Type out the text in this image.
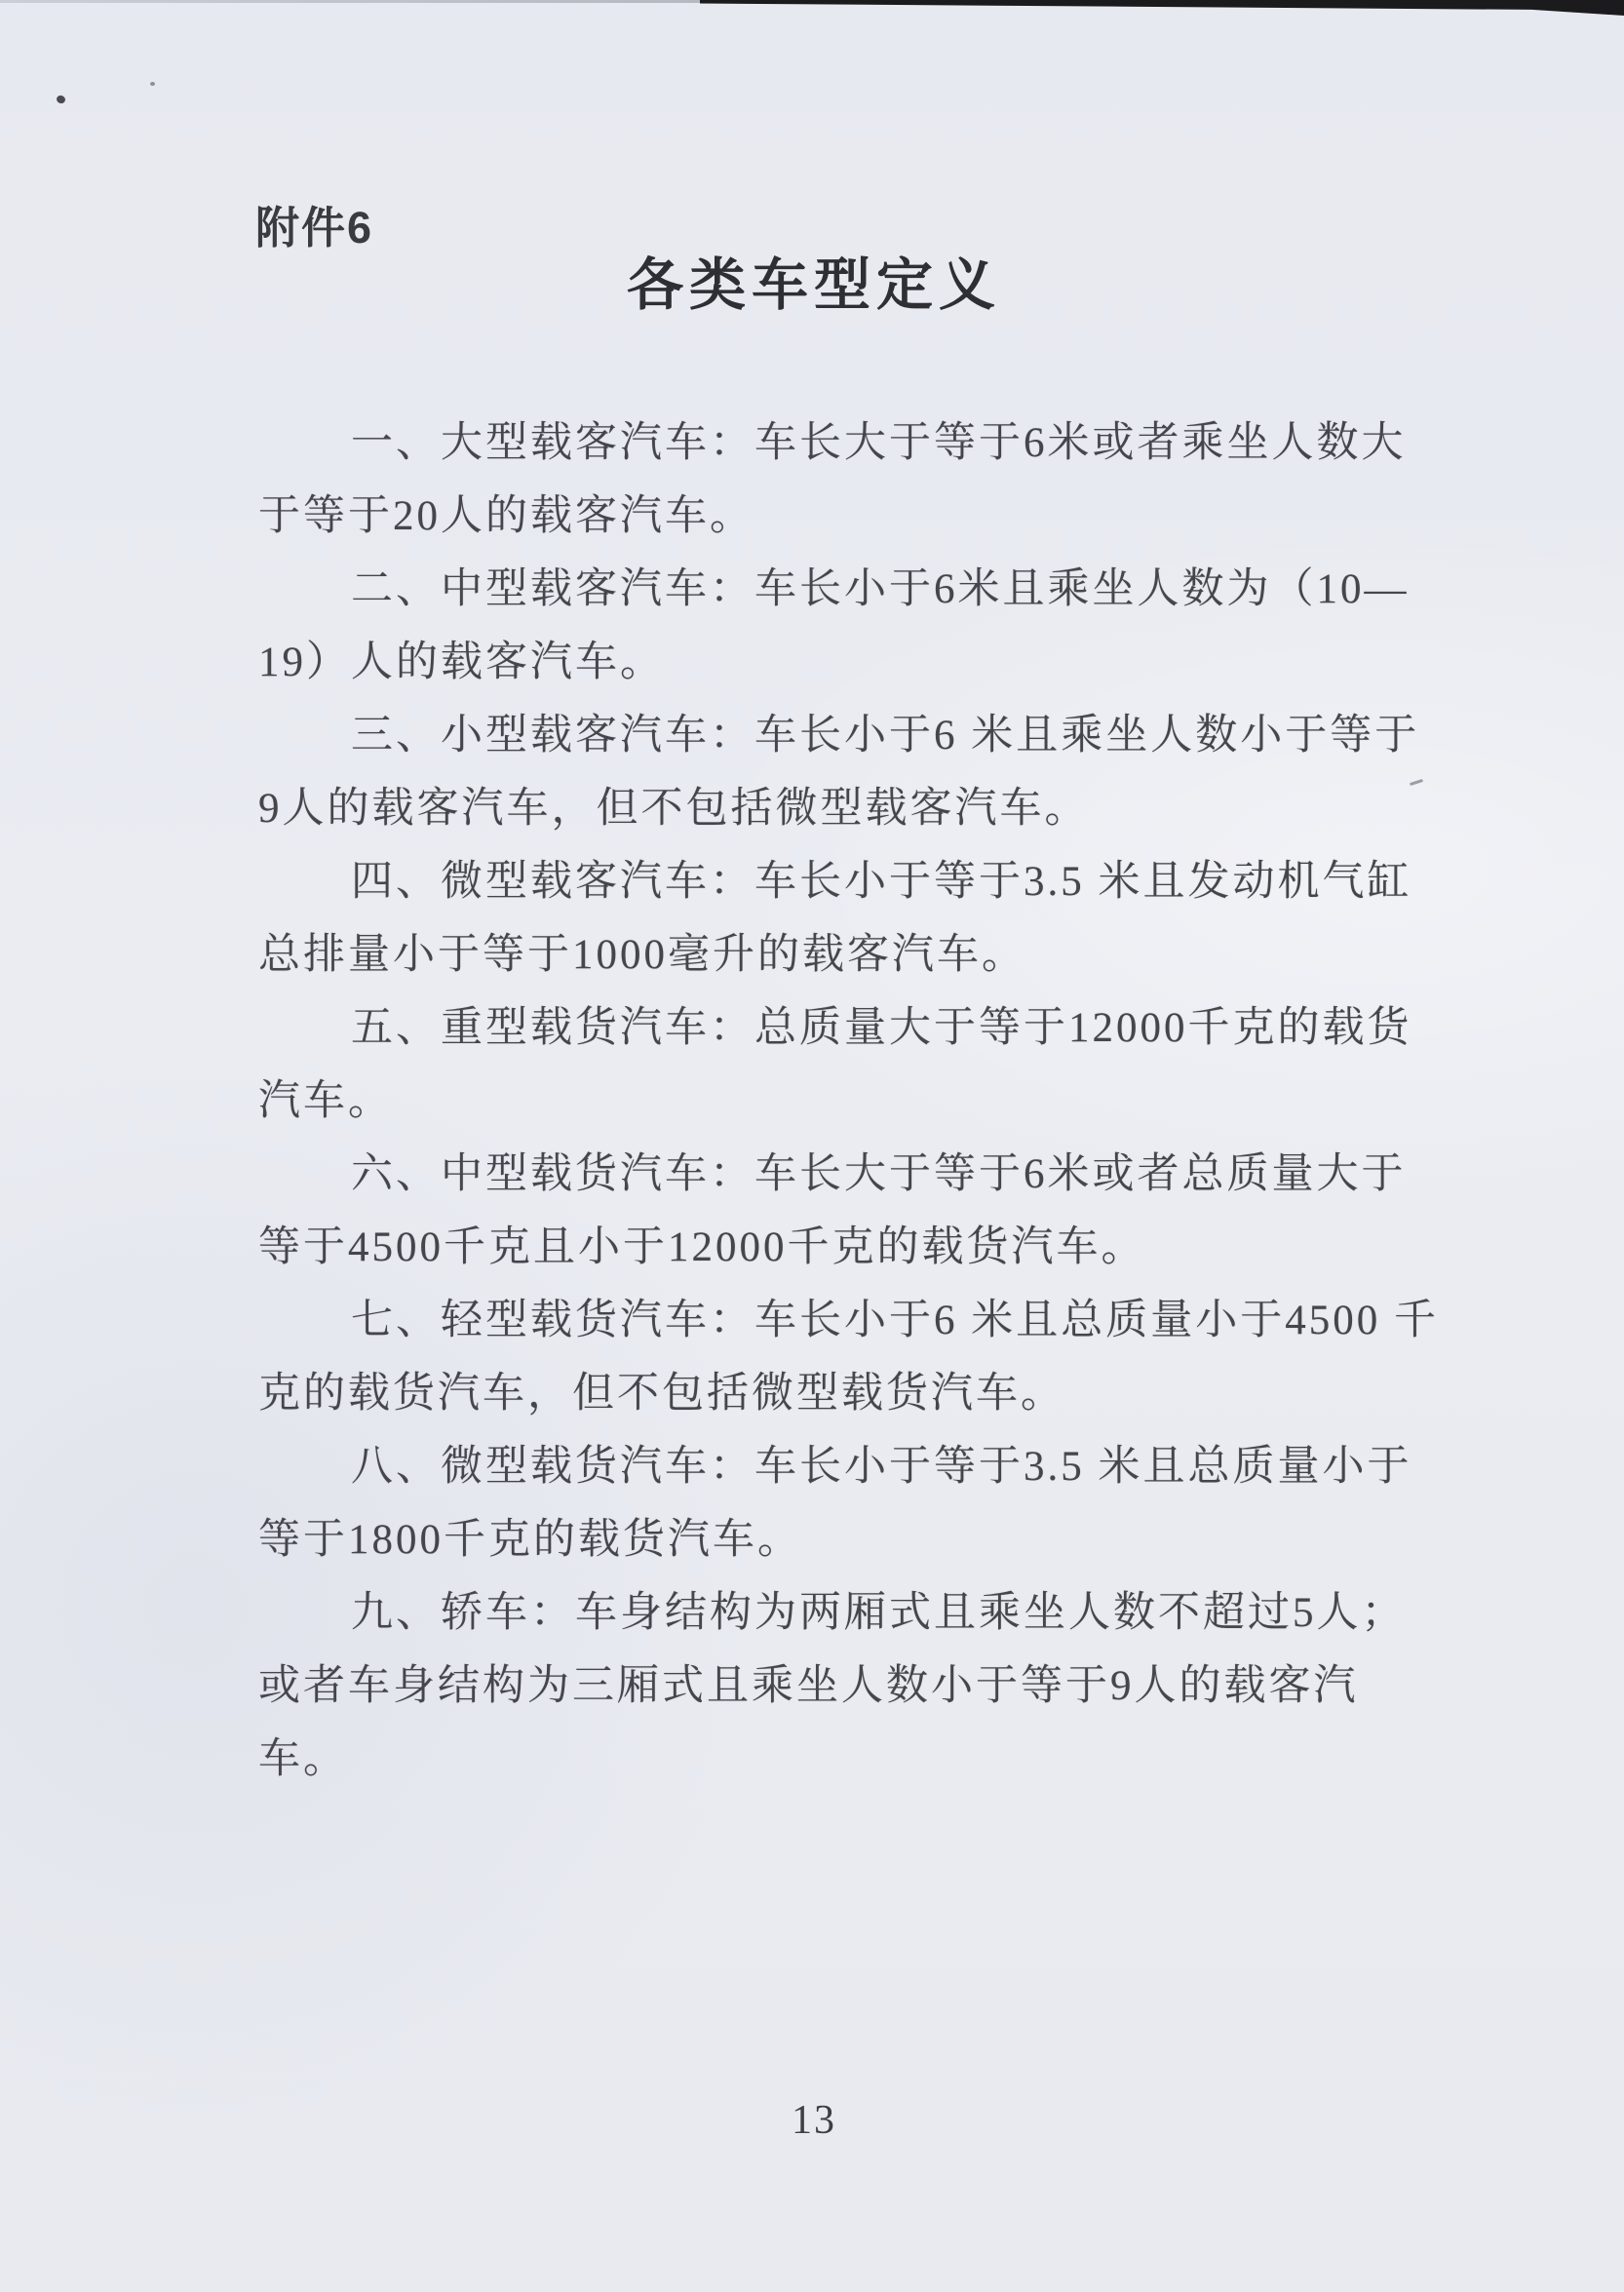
附件6
各类车型定义
一、大型载客汽车：车长大于等于6米或者乘坐人数大
于等于20人的载客汽车。
二、中型载客汽车：车长小于6米且乘坐人数为（10—
19）人的载客汽车。
三、小型载客汽车：车长小于6 米且乘坐人数小于等于
9人的载客汽车，但不包括微型载客汽车。
四、微型载客汽车：车长小于等于3.5 米且发动机气缸
总排量小于等于1000毫升的载客汽车。
五、重型载货汽车：总质量大于等于12000千克的载货
汽车。
六、中型载货汽车：车长大于等于6米或者总质量大于
等于4500千克且小于12000千克的载货汽车。
七、轻型载货汽车：车长小于6 米且总质量小于4500 千
克的载货汽车，但不包括微型载货汽车。
八、微型载货汽车：车长小于等于3.5 米且总质量小于
等于1800千克的载货汽车。
九、轿车：车身结构为两厢式且乘坐人数不超过5人；
或者车身结构为三厢式且乘坐人数小于等于9人的载客汽
车。
13
